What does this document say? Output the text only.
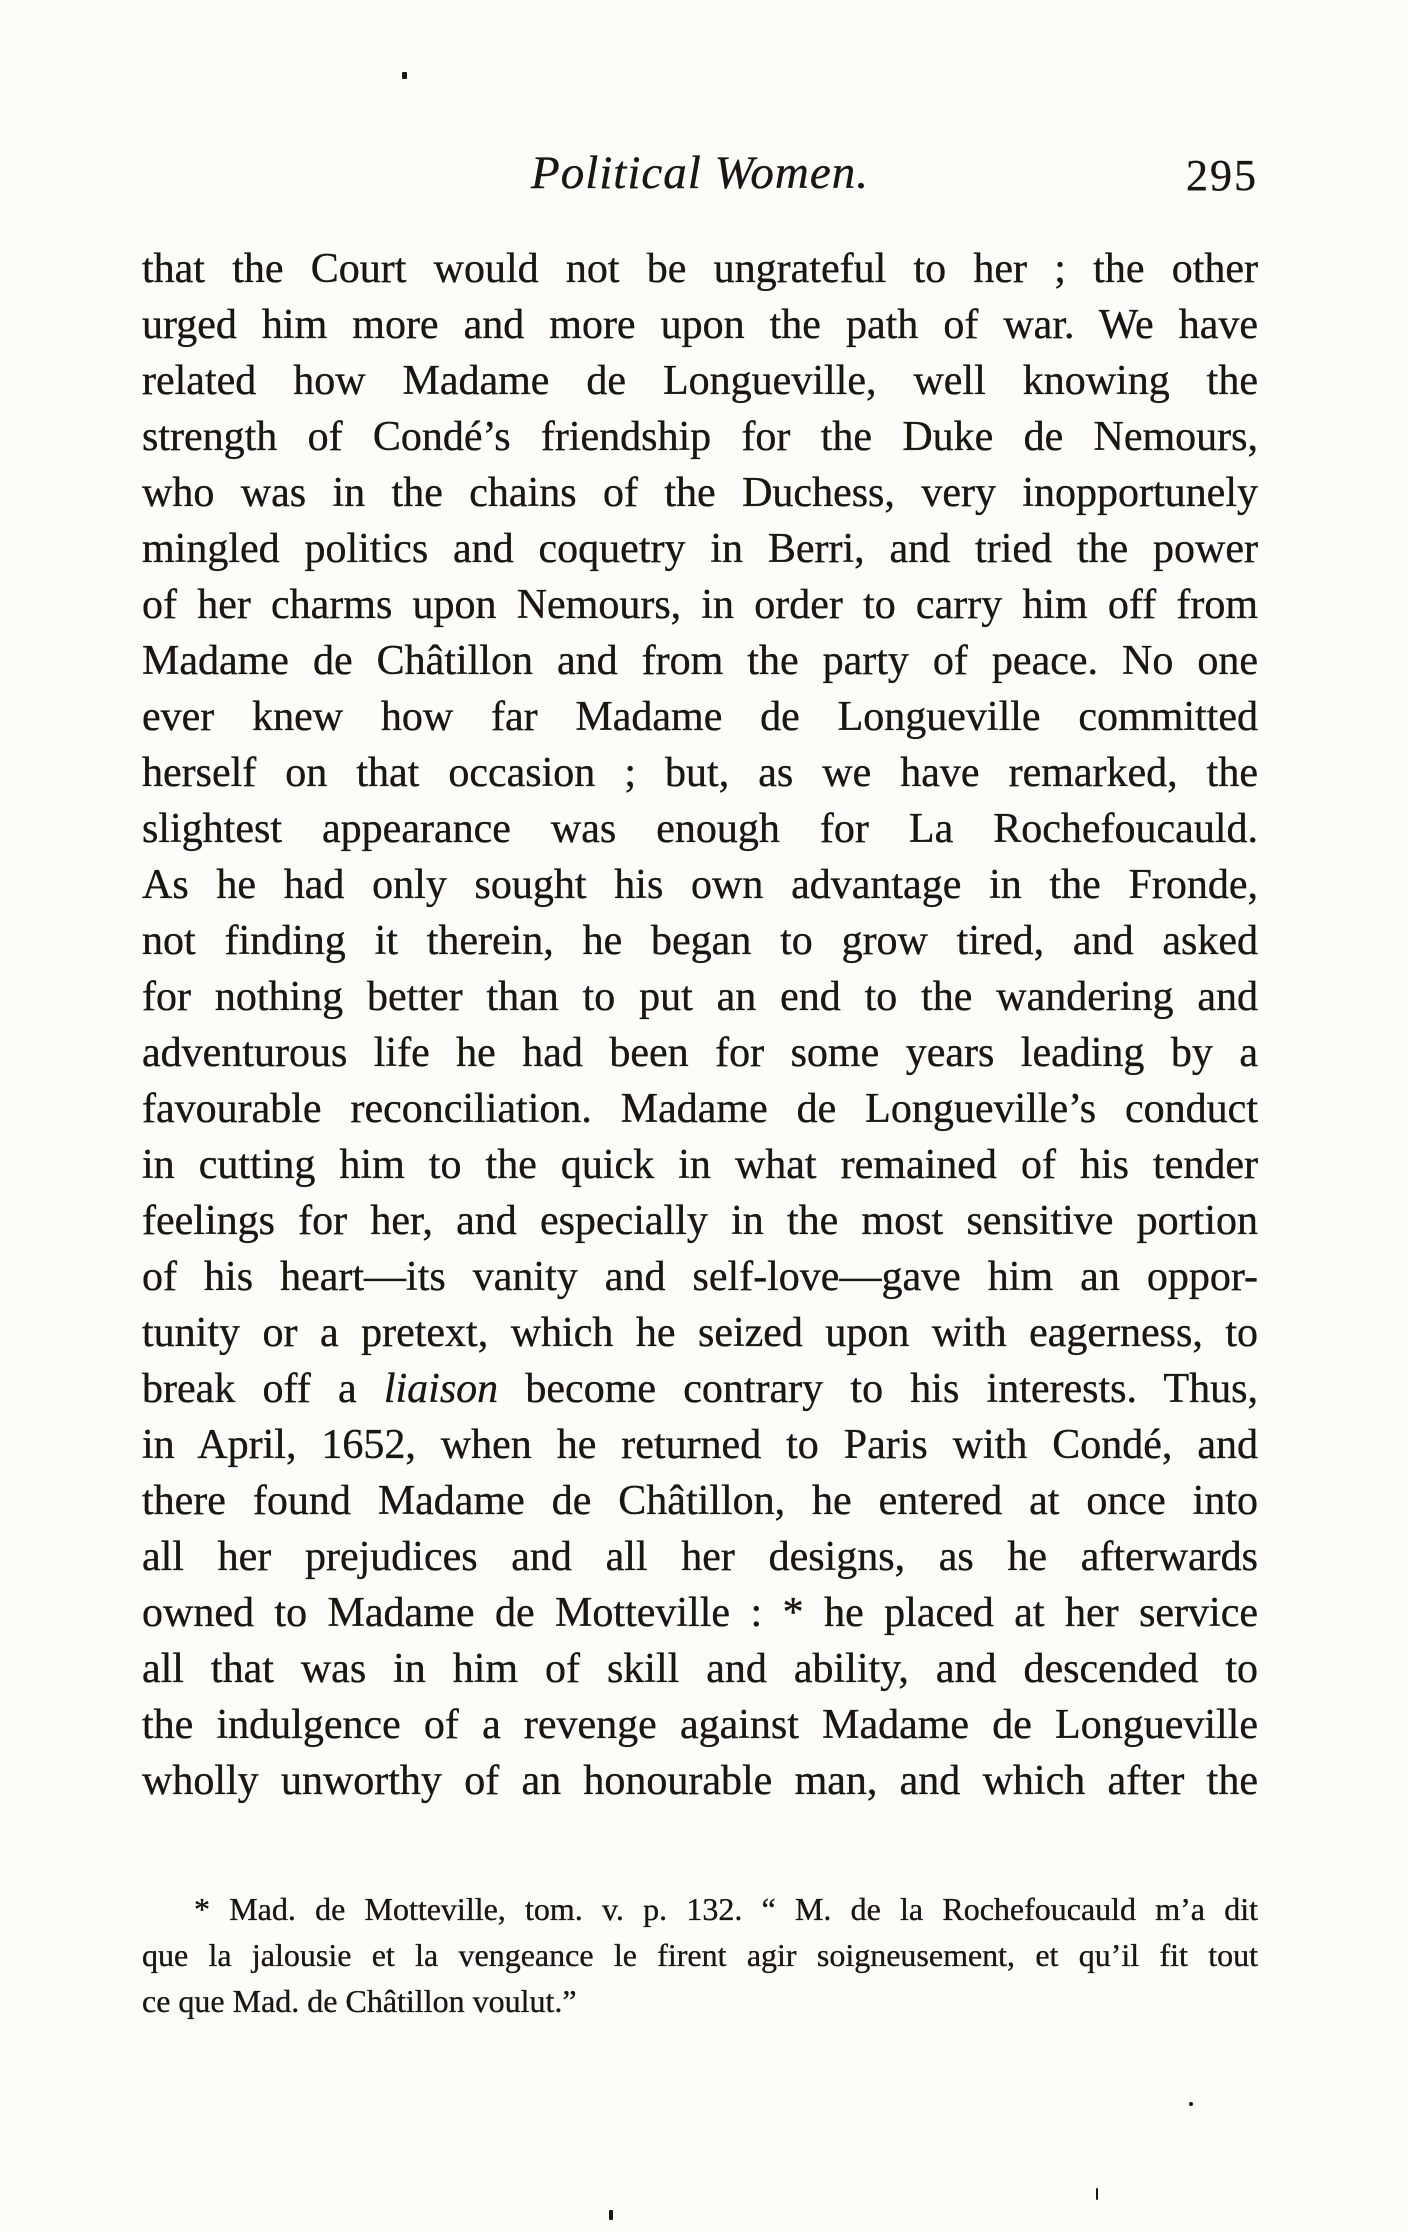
Political Women.	295
that the Court would not be ungrateful to her ; the other
urged him more and more upon the path of war. We have
related how Madame de Longueville, well knowing the
strength of Condé’s friendship for the Duke de Nemours,
who was in the chains of the Duchess, very inopportunely
mingled politics and coquetry in Berri, and tried the power
of her charms upon Nemours, in order to carry him off from
Madame de Châtillon and from the party of peace. No one
ever knew how far Madame de Longueville committed
herself on that occasion ; but, as we have remarked, the
slightest appearance was enough for La Rochefoucauld.
As he had only sought his own advantage in the Fronde,
not finding it therein, he began to grow tired, and asked
for nothing better than to put an end to the wandering and
adventurous life he had been for some years leading by a
favourable reconciliation. Madame de Longueville’s conduct
in cutting him to the quick in what remained of his tender
feelings for her, and especially in the most sensitive portion
of his heart—its vanity and self-love—gave him an oppor-
tunity or a pretext, which he seized upon with eagerness, to
break off a liaison become contrary to his interests. Thus,
in April, 1652, when he returned to Paris with Condé, and
there found Madame de Châtillon, he entered at once into
all her prejudices and all her designs, as he afterwards
owned to Madame de Motteville : * he placed at her service
all that was in him of skill and ability, and descended to
the indulgence of a revenge against Madame de Longueville
wholly unworthy of an honourable man, and which after the
* Mad. de Motteville, tom. v. p. 132. “ M. de la Rochefoucauld m’a dit
que la jalousie et la vengeance le firent agir soigneusement, et qu’il fit tout
ce que Mad. de Châtillon voulut.”
